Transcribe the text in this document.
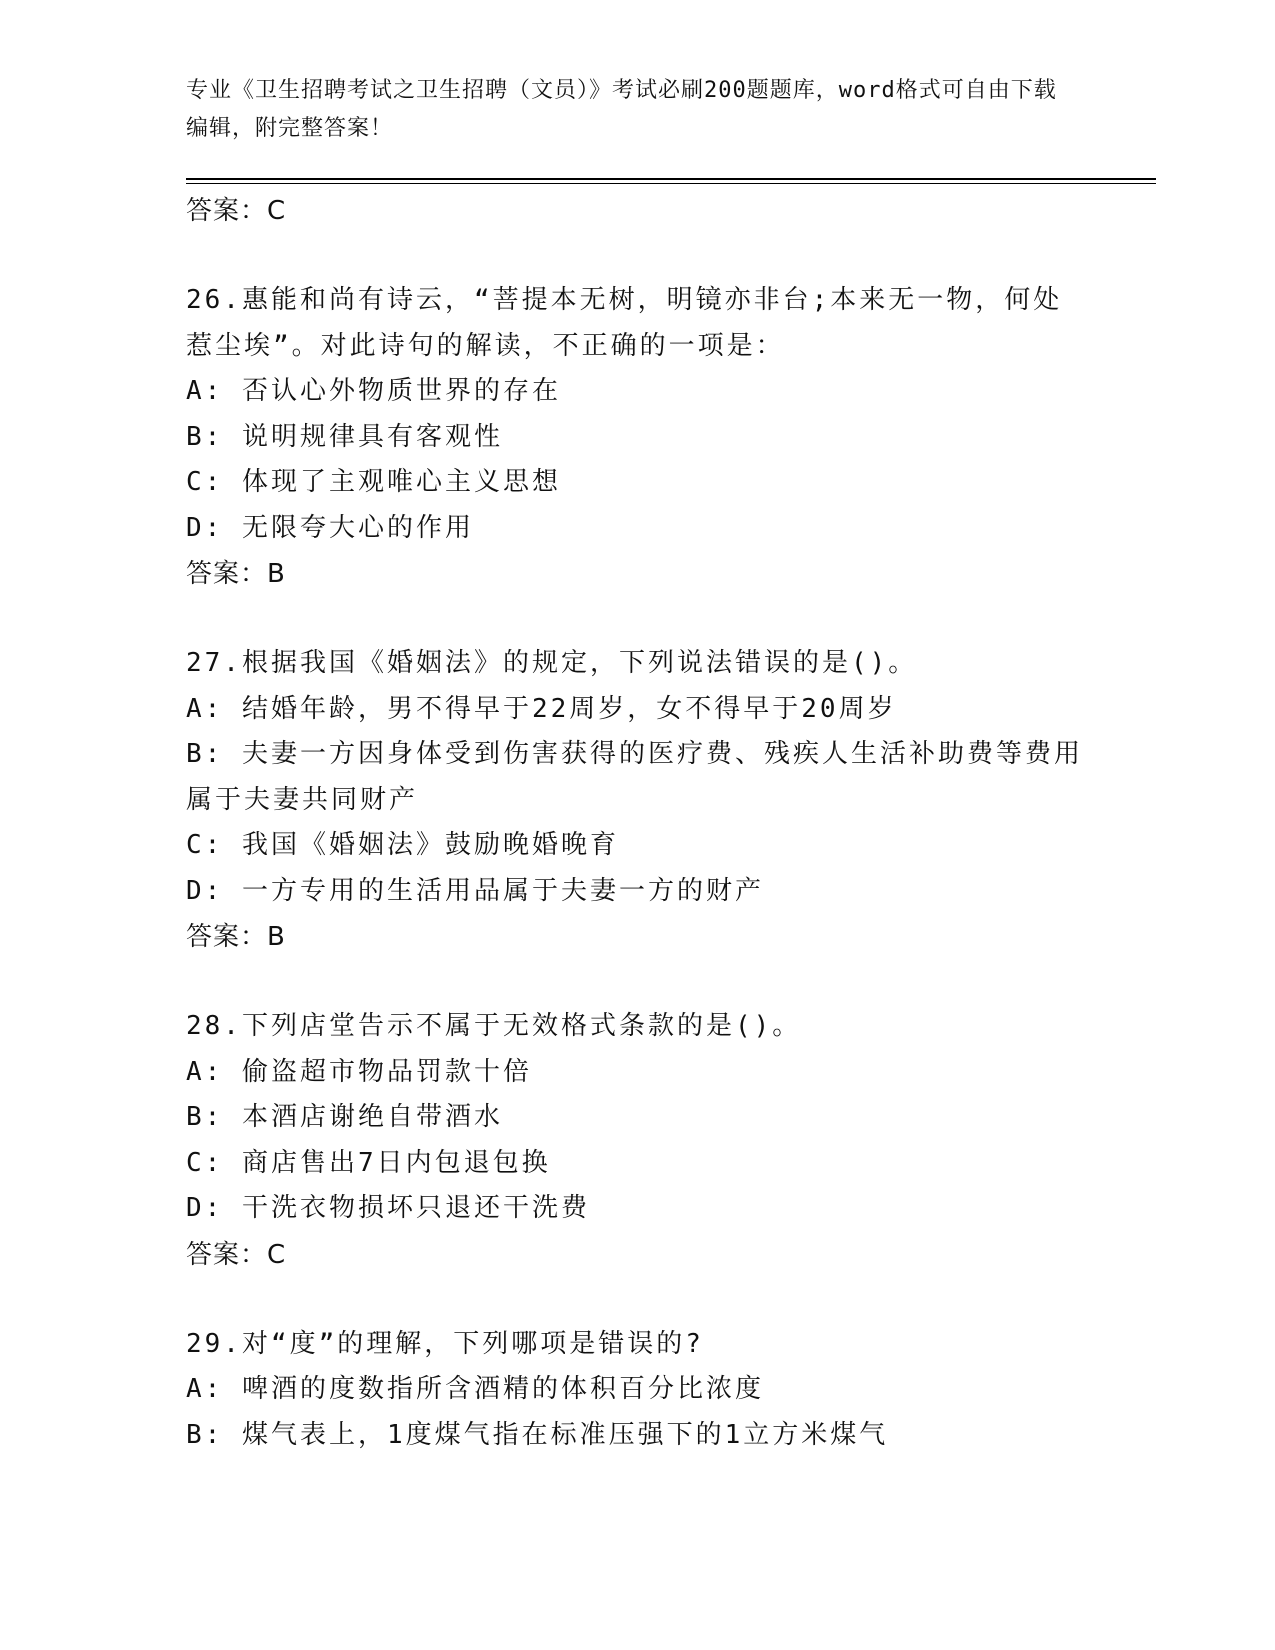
专业《卫生招聘考试之卫生招聘（文员）》考试必刷200题题库，word格式可自由下载编辑，附完整答案！
答案：C
26.惠能和尚有诗云，“菩提本无树，明镜亦非台;本来无一物，何处
惹尘埃”。对此诗句的解读，不正确的一项是：
A: 否认心外物质世界的存在
B: 说明规律具有客观性
C: 体现了主观唯心主义思想
D: 无限夸大心的作用
答案：B
27.根据我国《婚姻法》的规定，下列说法错误的是()。
A: 结婚年龄，男不得早于22周岁，女不得早于20周岁
B: 夫妻一方因身体受到伤害获得的医疗费、残疾人生活补助费等费用
属于夫妻共同财产
C: 我国《婚姻法》鼓励晚婚晚育
D: 一方专用的生活用品属于夫妻一方的财产
答案：B
28.下列店堂告示不属于无效格式条款的是()。
A: 偷盗超市物品罚款十倍
B: 本酒店谢绝自带酒水
C: 商店售出7日内包退包换
D: 干洗衣物损坏只退还干洗费
答案：C
29.对“度”的理解，下列哪项是错误的?
A: 啤酒的度数指所含酒精的体积百分比浓度
B: 煤气表上，1度煤气指在标准压强下的1立方米煤气
